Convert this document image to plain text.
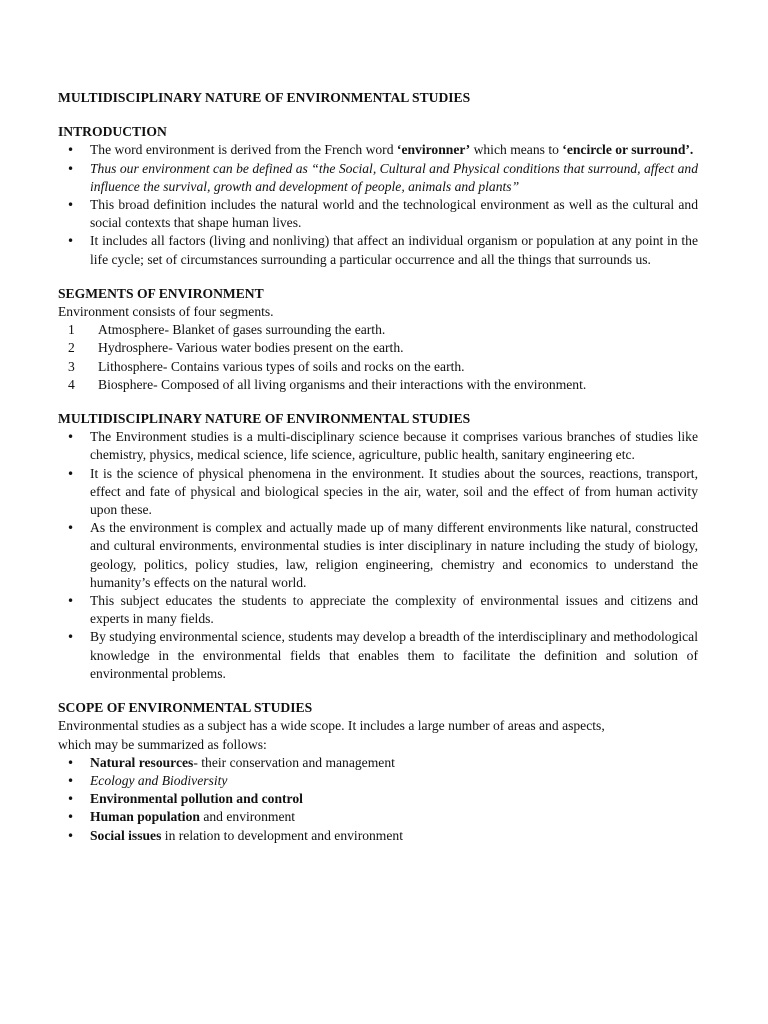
MULTIDISCIPLINARY NATURE OF ENVIRONMENTAL STUDIES

INTRODUCTION

• The word environment is derived from the French word ‘environner’ which means to ‘encircle or surround’.
• Thus our environment can be defined as “the Social, Cultural and Physical conditions that surround, affect and influence the survival, growth and development of people, animals and plants”
• This broad definition includes the natural world and the technological environment as well as the cultural and social contexts that shape human lives.
• It includes all factors (living and nonliving) that affect an individual organism or population at any point in the life cycle; set of circumstances surrounding a particular occurrence and all the things that surrounds us.

SEGMENTS OF ENVIRONMENT

Environment consists of four segments.

1 Atmosphere- Blanket of gases surrounding the earth.
2 Hydrosphere- Various water bodies present on the earth.
3 Lithosphere- Contains various types of soils and rocks on the earth.
4 Biosphere- Composed of all living organisms and their interactions with the environment.

MULTIDISCIPLINARY NATURE OF ENVIRONMENTAL STUDIES

• The Environment studies is a multi-disciplinary science because it comprises various branches of studies like chemistry, physics, medical science, life science, agriculture, public health, sanitary engineering etc.
• It is the science of physical phenomena in the environment. It studies about the sources, reactions, transport, effect and fate of physical and biological species in the air, water, soil and the effect of from human activity upon these.
• As the environment is complex and actually made up of many different environments like natural, constructed and cultural environments, environmental studies is inter disciplinary in nature including the study of biology, geology, politics, policy studies, law, religion engineering, chemistry and economics to understand the humanity’s effects on the natural world.
• This subject educates the students to appreciate the complexity of environmental issues and citizens and experts in many fields.
• By studying environmental science, students may develop a breadth of the interdisciplinary and methodological knowledge in the environmental fields that enables them to facilitate the definition and solution of environmental problems.

SCOPE OF ENVIRONMENTAL STUDIES

Environmental studies as a subject has a wide scope. It includes a large number of areas and aspects,

which may be summarized as follows:

• Natural resources- their conservation and management
• Ecology and Biodiversity
• Environmental pollution and control
• Human population and environment
• Social issues in relation to development and environment
